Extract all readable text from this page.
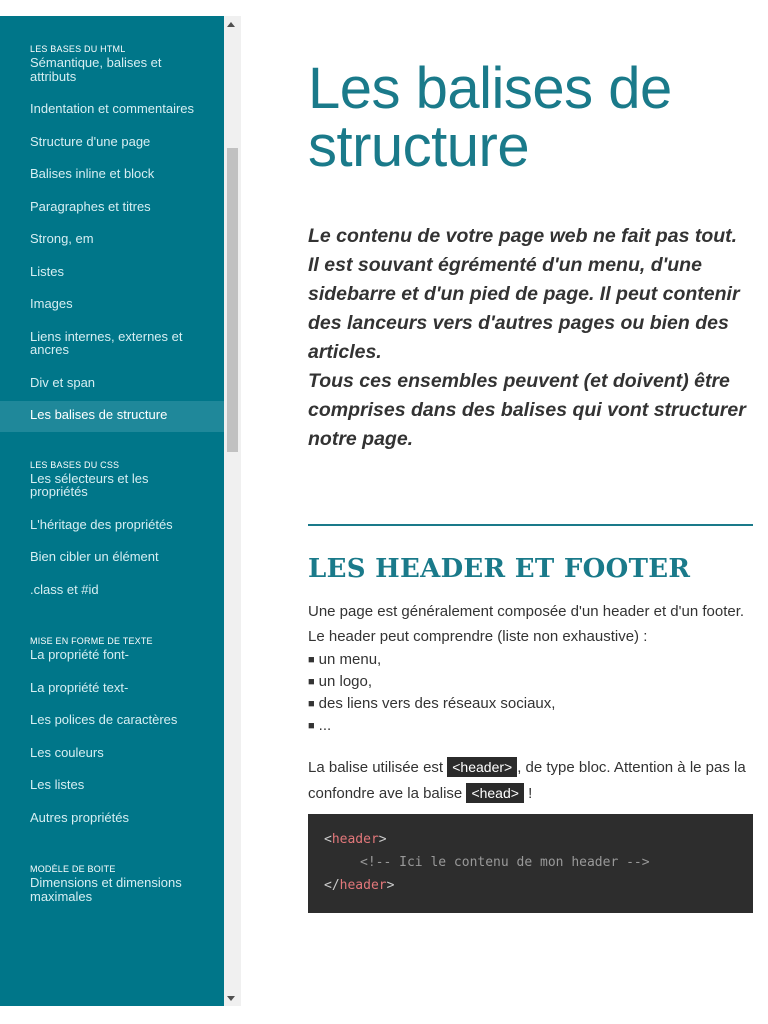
LES BASES DU HTML
Sémantique, balises et attributs
Indentation et commentaires
Structure d'une page
Balises inline et block
Paragraphes et titres
Strong, em
Listes
Images
Liens internes, externes et ancres
Div et span
Les balises de structure
LES BASES DU CSS
Les sélecteurs et les propriétés
L'héritage des propriétés
Bien cibler un élément
.class et #id
MISE EN FORME DE TEXTE
La propriété font-
La propriété text-
Les polices de caractères
Les couleurs
Les listes
Autres propriétés
MODÈLE DE BOITE
Dimensions et dimensions maximales
Les balises de structure

Le contenu de votre page web ne fait pas tout. Il est souvant égrémenté d'un menu, d'une sidebarre et d'un pied de page. Il peut contenir des lanceurs vers d'autres pages ou bien des articles.

Tous ces ensembles peuvent (et doivent) être comprises dans des balises qui vont structurer notre page.

LES HEADER ET FOOTER

Une page est généralement composée d'un header et d'un footer.

Le header peut comprendre (liste non exhaustive) :

■ un menu,
■ un logo,
■ des liens vers des réseaux sociaux,
■ ...

La balise utilisée est <header> , de type bloc. Attention à le pas la confondre ave la balise <head> !

<header>
<!-- Ici le contenu de mon header -->
</header>
